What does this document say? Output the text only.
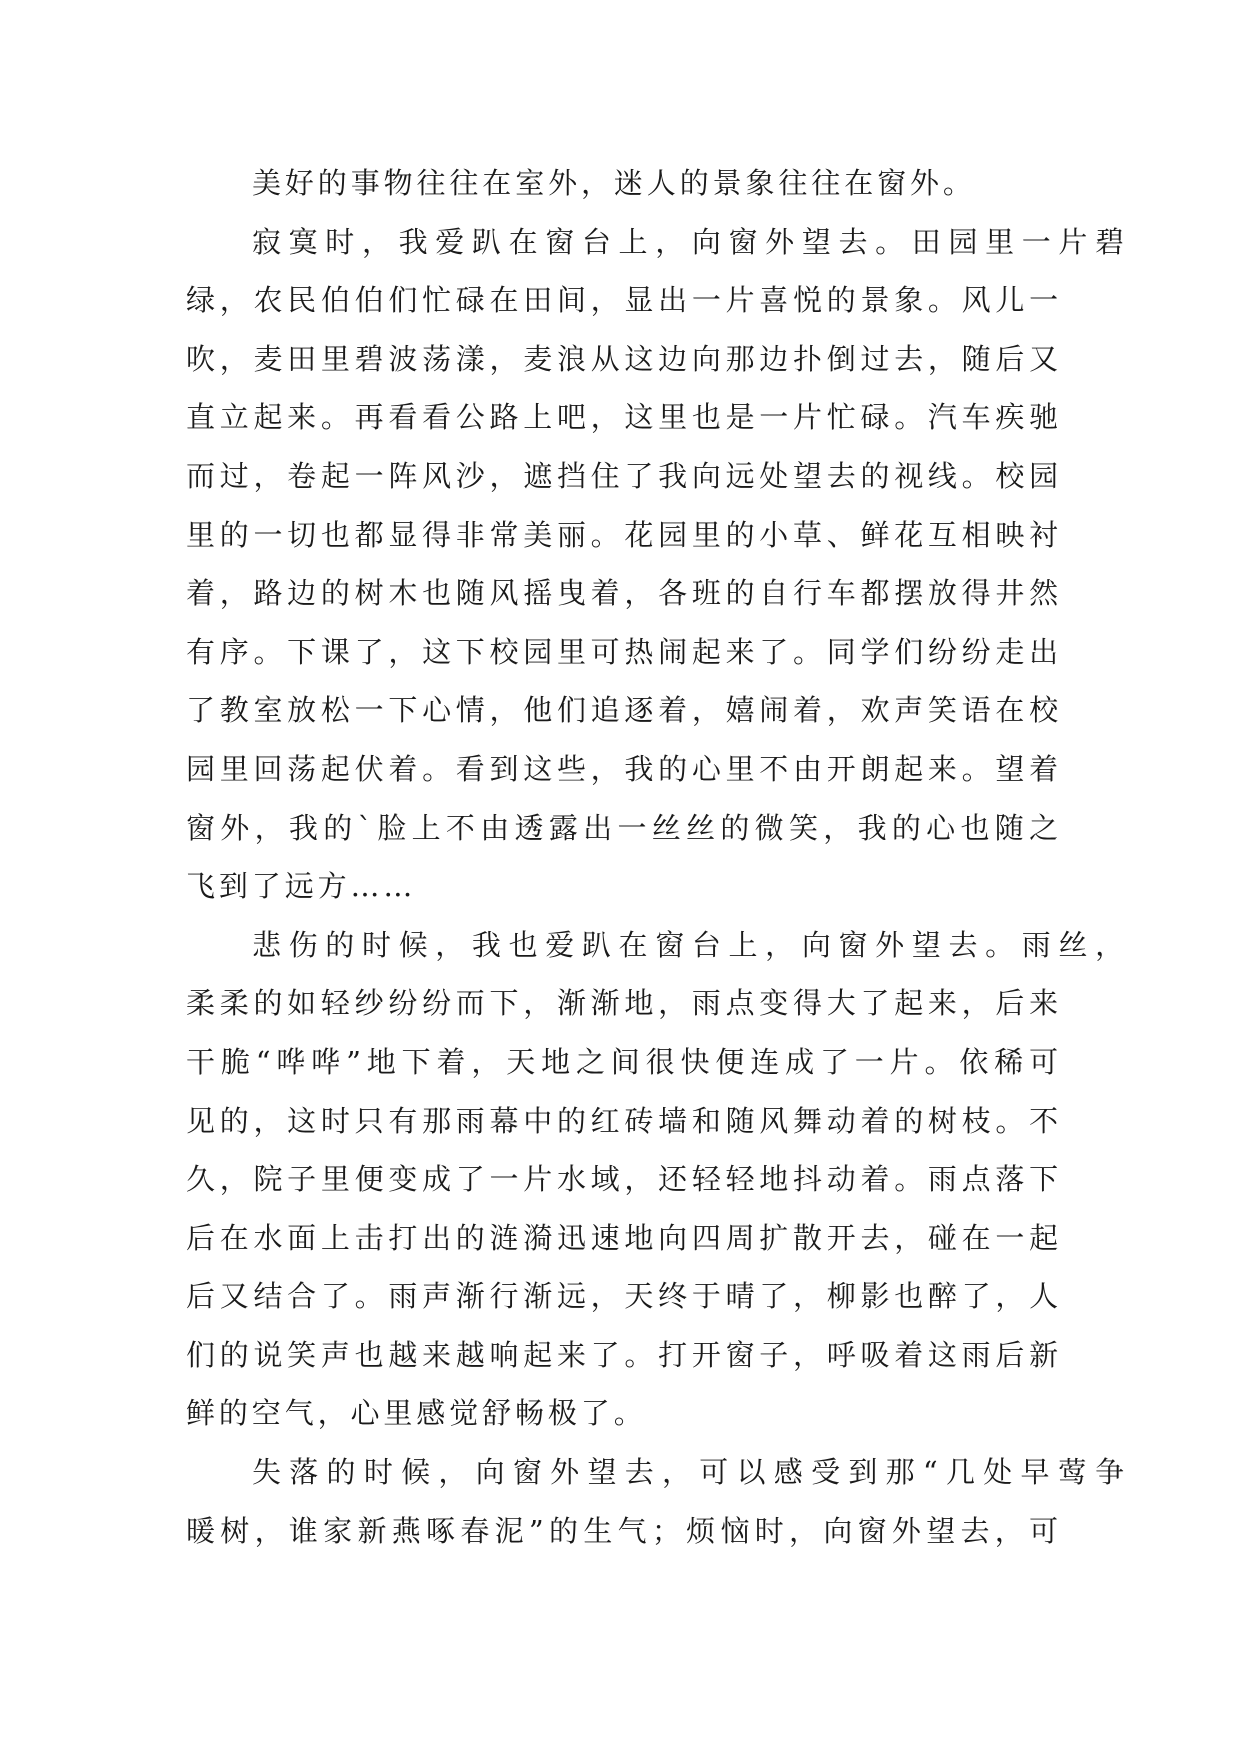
美好的事物往往在室外，迷人的景象往往在窗外。
寂寞时，我爱趴在窗台上，向窗外望去。田园里一片碧
绿，农民伯伯们忙碌在田间，显出一片喜悦的景象。风儿一
吹，麦田里碧波荡漾，麦浪从这边向那边扑倒过去，随后又
直立起来。再看看公路上吧，这里也是一片忙碌。汽车疾驰
而过，卷起一阵风沙，遮挡住了我向远处望去的视线。校园
里的一切也都显得非常美丽。花园里的小草、鲜花互相映衬
着，路边的树木也随风摇曳着，各班的自行车都摆放得井然
有序。下课了，这下校园里可热闹起来了。同学们纷纷走出
了教室放松一下心情，他们追逐着，嬉闹着，欢声笑语在校
园里回荡起伏着。看到这些，我的心里不由开朗起来。望着
窗外，我的`脸上不由透露出一丝丝的微笑，我的心也随之
飞到了远方……
悲伤的时候，我也爱趴在窗台上，向窗外望去。雨丝，
柔柔的如轻纱纷纷而下，渐渐地，雨点变得大了起来，后来
干脆“哗哗”地下着，天地之间很快便连成了一片。依稀可
见的，这时只有那雨幕中的红砖墙和随风舞动着的树枝。不
久，院子里便变成了一片水域，还轻轻地抖动着。雨点落下
后在水面上击打出的涟漪迅速地向四周扩散开去，碰在一起
后又结合了。雨声渐行渐远，天终于晴了，柳影也醉了，人
们的说笑声也越来越响起来了。打开窗子，呼吸着这雨后新
鲜的空气，心里感觉舒畅极了。
失落的时候，向窗外望去，可以感受到那“几处早莺争
暖树，谁家新燕啄春泥”的生气；烦恼时，向窗外望去，可
